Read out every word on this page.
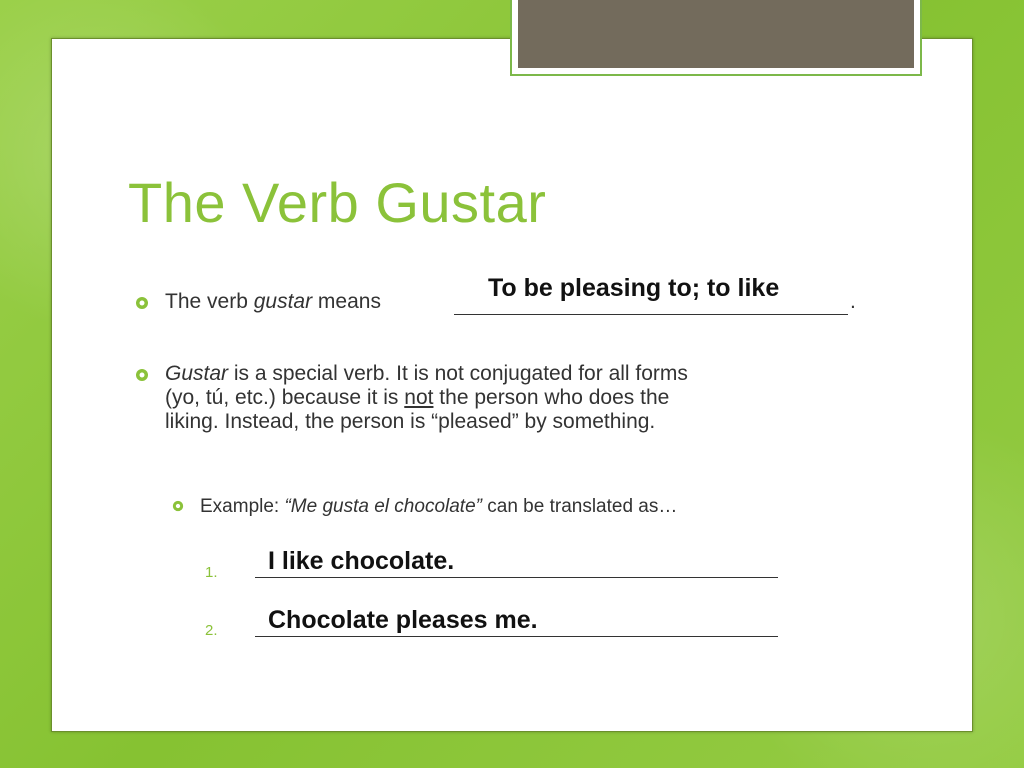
The Verb Gustar
The verb gustar means	.
To be pleasing to; to like
Gustar is a special verb. It is not conjugated for all forms
(yo, tú, etc.) because it is not the person who does the
liking. Instead, the person is “pleased” by something.
Example: “Me gusta el chocolate” can be translated as…
1. I like chocolate.
2. Chocolate pleases me.
